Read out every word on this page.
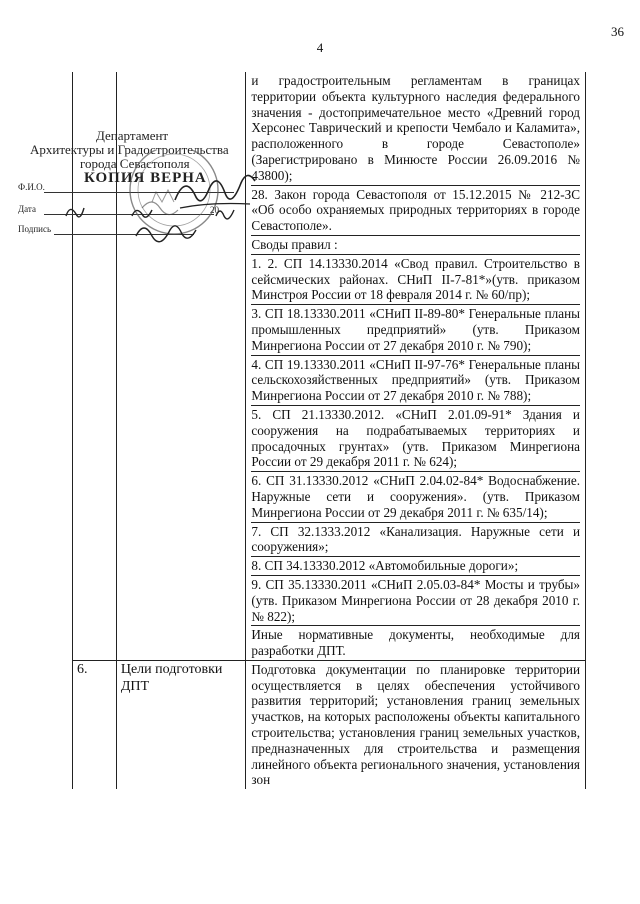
36
4

и градостроительным регламентам в границах территории объекта культурного наследия федерального значения - достопримечательное место «Древний город Херсонес Таврический и крепости Чембало и Каламита», расположенного в городе Севастополе» (Зарегистрировано в Минюсте России 26.09.2016 № 43800);

28. Закон города Севастополя от 15.12.2015 № 212-ЗС «Об особо охраняемых природных территориях в городе Севастополе».

Своды правил :

1. 2. СП 14.13330.2014 «Свод правил. Строительство в сейсмических районах. СНиП II-7-81*»(утв. приказом Минстроя России от 18 февраля 2014 г. № 60/пр);

3. СП 18.13330.2011 «СНиП II-89-80* Генеральные планы промышленных предприятий» (утв. Приказом Минрегиона России от 27 декабря 2010 г. № 790);

4. СП 19.13330.2011 «СНиП II-97-76* Генеральные планы сельскохозяйственных предприятий» (утв. Приказом Минрегиона России от 27 декабря 2010 г. № 788);

5. СП 21.13330.2012. «СНиП 2.01.09-91* Здания и сооружения на подрабатываемых территориях и просадочных грунтах» (утв. Приказом Минрегиона России от 29 декабря 2011 г. № 624);

6. СП 31.13330.2012 «СНиП 2.04.02-84* Водоснабжение. Наружные сети и сооружения». (утв. Приказом Минрегиона России от 29 декабря 2011 г. № 635/14);

7. СП 32.1333.2012 «Канализация. Наружные сети и сооружения»;

8. СП 34.13330.2012 «Автомобильные дороги»;

9. СП 35.13330.2011 «СНиП 2.05.03-84* Мосты и трубы» (утв. Приказом Минрегиона России от 28 декабря 2010 г. № 822);

Иные нормативные документы, необходимые для разработки ДПТ.

6.	Цели подготовки ДПТ

Подготовка документации по планировке территории осуществляется в целях обеспечения устойчивого развития территорий; установления границ земельных участков, на которых расположены объекты капитального строительства; установления границ земельных участков, предназначенных для строительства и размещения линейного объекта регионального значения, установления зон

Департамент
Архитектуры и Градостроительства
города Севастополя
КОПИЯ ВЕРНА
Ф.И.О.
Дата	20
Подпись
